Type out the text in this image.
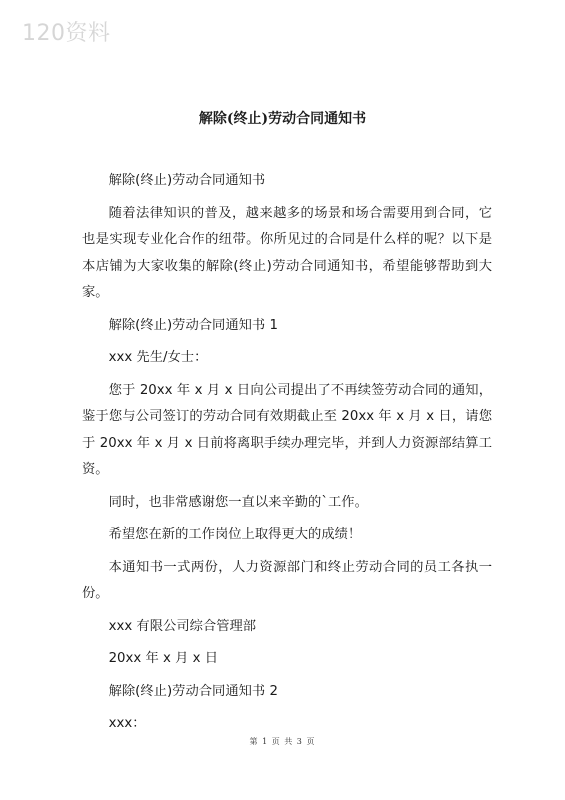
120资料
解除(终止)劳动合同通知书

解除(终止)劳动合同通知书

随着法律知识的普及，越来越多的场景和场合需要用到合同，它也是实现专业化合作的纽带。你所见过的合同是什么样的呢？以下是本店铺为大家收集的解除(终止)劳动合同通知书，希望能够帮助到大家。

解除(终止)劳动合同通知书 1

xxx 先生/女士：

您于 20xx 年 x 月 x 日向公司提出了不再续签劳动合同的通知，鉴于您与公司签订的劳动合同有效期截止至 20xx 年 x 月 x 日，请您于 20xx 年 x 月 x 日前将离职手续办理完毕，并到人力资源部结算工资。

同时，也非常感谢您一直以来辛勤的`工作。

希望您在新的工作岗位上取得更大的成绩！

本通知书一式两份，人力资源部门和终止劳动合同的员工各执一份。

xxx 有限公司综合管理部

20xx 年 x 月 x 日

解除(终止)劳动合同通知书 2

xxx：

第 1 页 共 3 页
